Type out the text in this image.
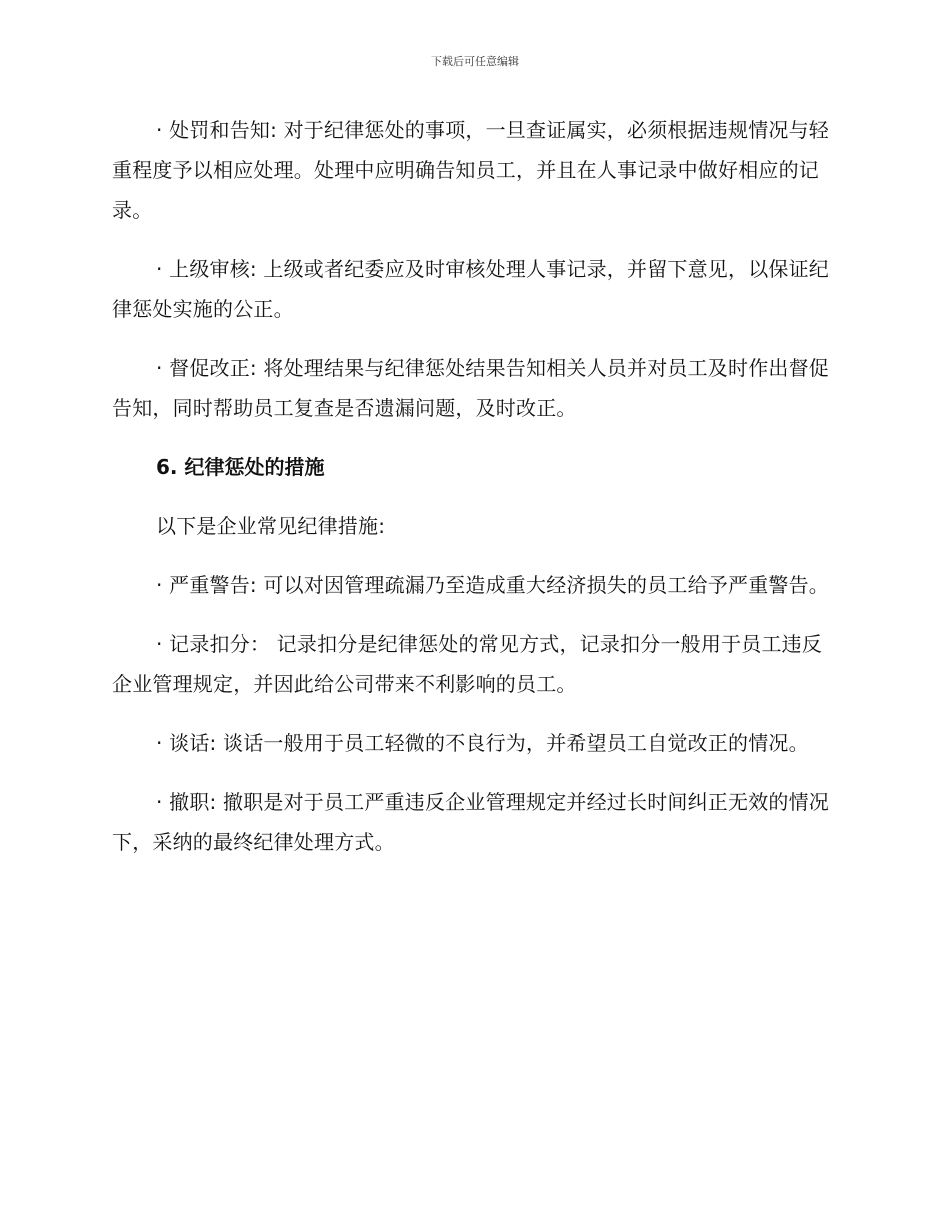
下载后可任意编辑

· 处罚和告知: 对于纪律惩处的事项，一旦查证属实，必须根据违规情况与轻重程度予以相应处理。处理中应明确告知员工，并且在人事记录中做好相应的记录。

· 上级审核: 上级或者纪委应及时审核处理人事记录，并留下意见，以保证纪律惩处实施的公正。

· 督促改正: 将处理结果与纪律惩处结果告知相关人员并对员工及时作出督促告知，同时帮助员工复查是否遗漏问题，及时改正。

6. 纪律惩处的措施

以下是企业常见纪律措施:

· 严重警告: 可以对因管理疏漏乃至造成重大经济损失的员工给予严重警告。

· 记录扣分： 记录扣分是纪律惩处的常见方式，记录扣分一般用于员工违反企业管理规定，并因此给公司带来不利影响的员工。

· 谈话: 谈话一般用于员工轻微的不良行为，并希望员工自觉改正的情况。

· 撤职: 撤职是对于员工严重违反企业管理规定并经过长时间纠正无效的情况下，采纳的最终纪律处理方式。
